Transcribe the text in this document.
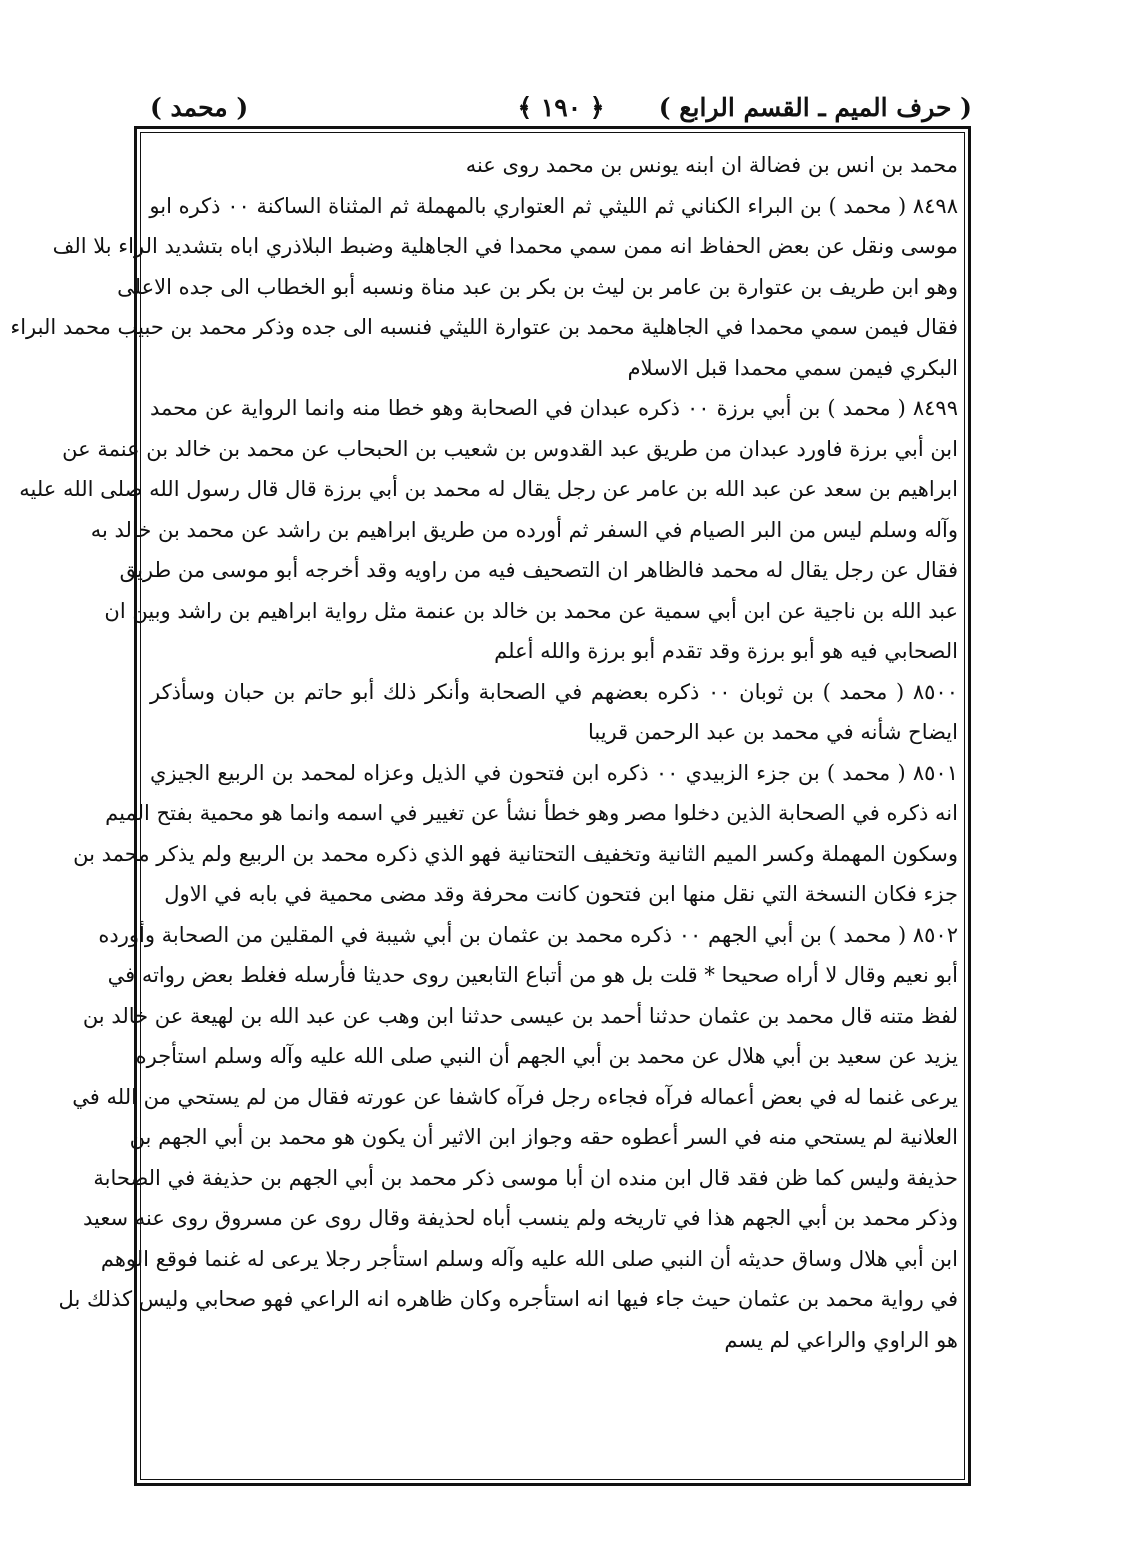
( حرف الميم ـ القسم الرابع )
﴿ ١٩٠ ﴾
( محمد )
محمد بن انس بن فضالة ان ابنه يونس بن محمد روى عنه
٨٤٩٨ ( محمد ) بن البراء الكناني ثم الليثي ثم العتواري بالمهملة ثم المثناة الساكنة ٠٠ ذكره ابو
موسى ونقل عن بعض الحفاظ انه ممن سمي محمدا في الجاهلية وضبط البلاذري اباه بتشديد الراء بلا الف
وهو ابن طريف بن عتوارة بن عامر بن ليث بن بكر بن عبد مناة ونسبه أبو الخطاب الى جده الاعلى
فقال فيمن سمي محمدا في الجاهلية محمد بن عتوارة الليثي فنسبه الى جده وذكر محمد بن حبيب محمد البراء
البكري فيمن سمي محمدا قبل الاسلام
٨٤٩٩ ( محمد ) بن أبي برزة ٠٠ ذكره عبدان في الصحابة وهو خطا منه وانما الرواية عن محمد
ابن أبي برزة فاورد عبدان من طريق عبد القدوس بن شعيب بن الحبحاب عن محمد بن خالد بن عنمة عن
ابراهيم بن سعد عن عبد الله بن عامر عن رجل يقال له محمد بن أبي برزة قال قال رسول الله صلى الله عليه
وآله وسلم ليس من البر الصيام في السفر ثم أورده من طريق ابراهيم بن راشد عن محمد بن خالد به
فقال عن رجل يقال له محمد فالظاهر ان التصحيف فيه من راويه وقد أخرجه أبو موسى من طريق
عبد الله بن ناجية عن ابن أبي سمية عن محمد بن خالد بن عنمة مثل رواية ابراهيم بن راشد وبين ان
الصحابي فيه هو أبو برزة وقد تقدم أبو برزة والله أعلم
٨٥٠٠ ( محمد ) بن ثوبان ٠٠ ذكره بعضهم في الصحابة وأنكر ذلك أبو حاتم بن حبان وسأذكر
ايضاح شأنه في محمد بن عبد الرحمن قريبا
٨٥٠١ ( محمد ) بن جزء الزبيدي ٠٠ ذكره ابن فتحون في الذيل وعزاه لمحمد بن الربيع الجيزي
انه ذكره في الصحابة الذين دخلوا مصر وهو خطأ نشأ عن تغيير في اسمه وانما هو محمية بفتح الميم
وسكون المهملة وكسر الميم الثانية وتخفيف التحتانية فهو الذي ذكره محمد بن الربيع ولم يذكر محمد بن
جزء فكان النسخة التي نقل منها ابن فتحون كانت محرفة وقد مضى محمية في بابه في الاول
٨٥٠٢ ( محمد ) بن أبي الجهم ٠٠ ذكره محمد بن عثمان بن أبي شيبة في المقلين من الصحابة وأورده
أبو نعيم وقال لا أراه صحيحا * قلت بل هو من أتباع التابعين روى حديثا فأرسله فغلط بعض رواته في
لفظ متنه قال محمد بن عثمان حدثنا أحمد بن عيسى حدثنا ابن وهب عن عبد الله بن لهيعة عن خالد بن
يزيد عن سعيد بن أبي هلال عن محمد بن أبي الجهم أن النبي صلى الله عليه وآله وسلم استأجره
يرعى غنما له في بعض أعماله فرآه فجاءه رجل فرآه كاشفا عن عورته فقال من لم يستحي من الله في
العلانية لم يستحي منه في السر أعطوه حقه وجواز ابن الاثير أن يكون هو محمد بن أبي الجهم بن
حذيفة وليس كما ظن فقد قال ابن منده ان أبا موسى ذكر محمد بن أبي الجهم بن حذيفة في الصحابة
وذكر محمد بن أبي الجهم هذا في تاريخه ولم ينسب أباه لحذيفة وقال روى عن مسروق روى عنه سعيد
ابن أبي هلال وساق حديثه أن النبي صلى الله عليه وآله وسلم استأجر رجلا يرعى له غنما فوقع الوهم
في رواية محمد بن عثمان حيث جاء فيها انه استأجره وكان ظاهره انه الراعي فهو صحابي وليس كذلك بل
هو الراوي والراعي لم يسم
